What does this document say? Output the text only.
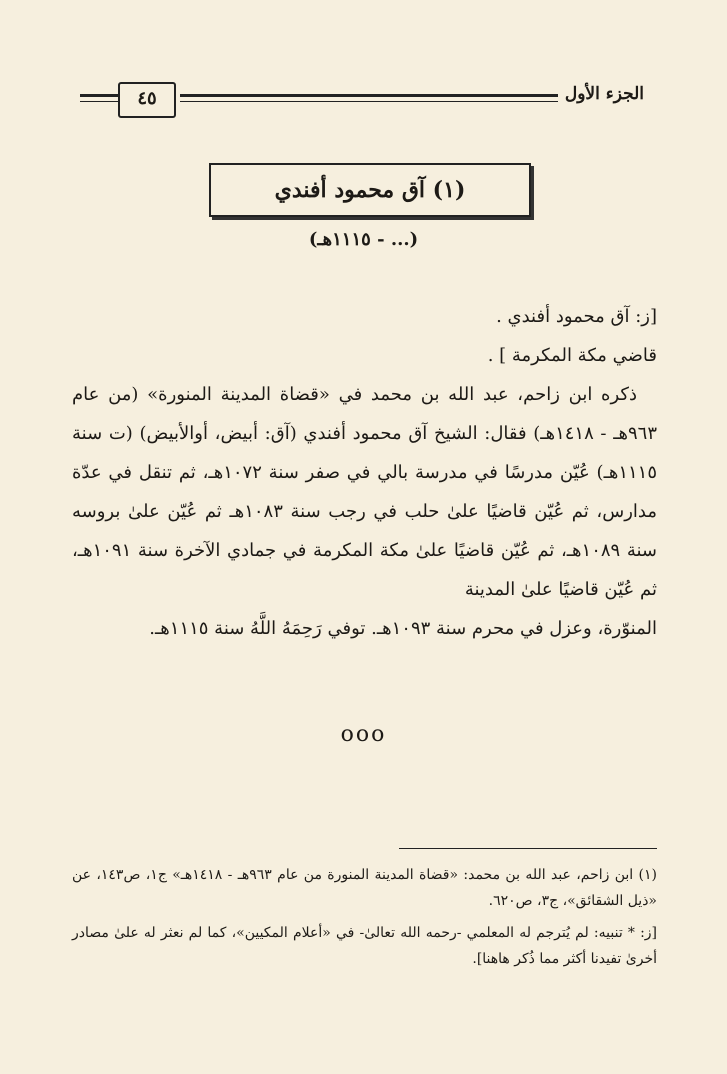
الجزء الأول
٤٥
(١) آق محمود أفندي
(... - ١١١٥هـ)

[ز: آق محمود أفندي .

قاضي مكة المكرمة ] .

ذكره ابن زاحم، عبد الله بن محمد في «قضاة المدينة المنورة» (من عام ٩٦٣هـ - ١٤١٨هـ) فقال: الشيخ آق محمود أفندي (آق: أبيض، أوالأبيض) (ت سنة ١١١٥هـ) عُيّن مدرسًا في مدرسة بالي في صفر سنة ١٠٧٢هـ، ثم تنقل في عدّة مدارس، ثم عُيّن قاضيًا علىٰ حلب في رجب سنة ١٠٨٣هـ ثم عُيّن علىٰ بروسه سنة ١٠٨٩هـ، ثم عُيّن قاضيًا علىٰ مكة المكرمة في جمادي الآخرة سنة ١٠٩١هـ، ثم عُيّن قاضيًا علىٰ المدينة

المنوّرة، وعزل في محرم سنة ١٠٩٣هـ. توفي رَحِمَهُ اللَّهُ سنة ١١١٥هـ.

ooo

(١) ابن زاحم، عبد الله بن محمد: «قضاة المدينة المنورة من عام ٩٦٣هـ - ١٤١٨هـ» ج١، ص١٤٣، عن «ذيل الشقائق»، ج٣، ص٦٢٠.

[ز: * تنبيه: لم يُترجم له المعلمي -رحمه الله تعالىٰ- في «أعلام المكيين»، كما لم نعثر له علىٰ مصادر أخرىٰ تفيدنا أكثر مما ذُكر هاهنا].
